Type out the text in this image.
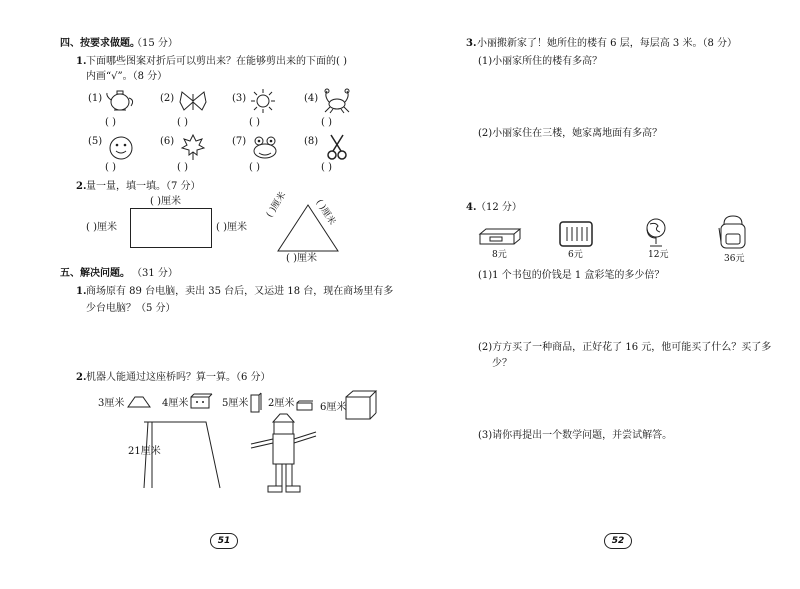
四、按要求做题。
（15 分）
1. 下面哪些图案对折后可以剪出来？在能够剪出来的下面的( )
内画“√”。（8 分）
(1)
( )
(2)
( )
(3)
( )
(4)
( )
(5)
( )
(6)
( )
(7)
( )
(8)
( )
2. 量一量，填一填。（7 分）
( )厘米
( )厘米	( )厘米
( )厘米	( )厘米
( )厘米
五、解决问题。 （31 分）
1. 商场原有 89 台电脑，卖出 35 台后，又运进 18 台，现在商场里有多
少台电脑？（5 分）
2. 机器人能通过这座桥吗？算一算。（6 分）
3厘米	4厘米	5厘米 2厘米	6厘米
21厘米
51
3. 小丽搬新家了！她所住的楼有 6 层，每层高 3 米。（8 分）
(1)小丽家所住的楼有多高？
(2)小丽家住在三楼，她家离地面有多高？
4. （12 分）
8元	6元	12元	36元
(1)1 个书包的价钱是 1 盒彩笔的多少倍？
(2)方方买了一种商品，正好花了 16 元，他可能买了什么？买了多
少？
(3)请你再提出一个数学问题，并尝试解答。
52
